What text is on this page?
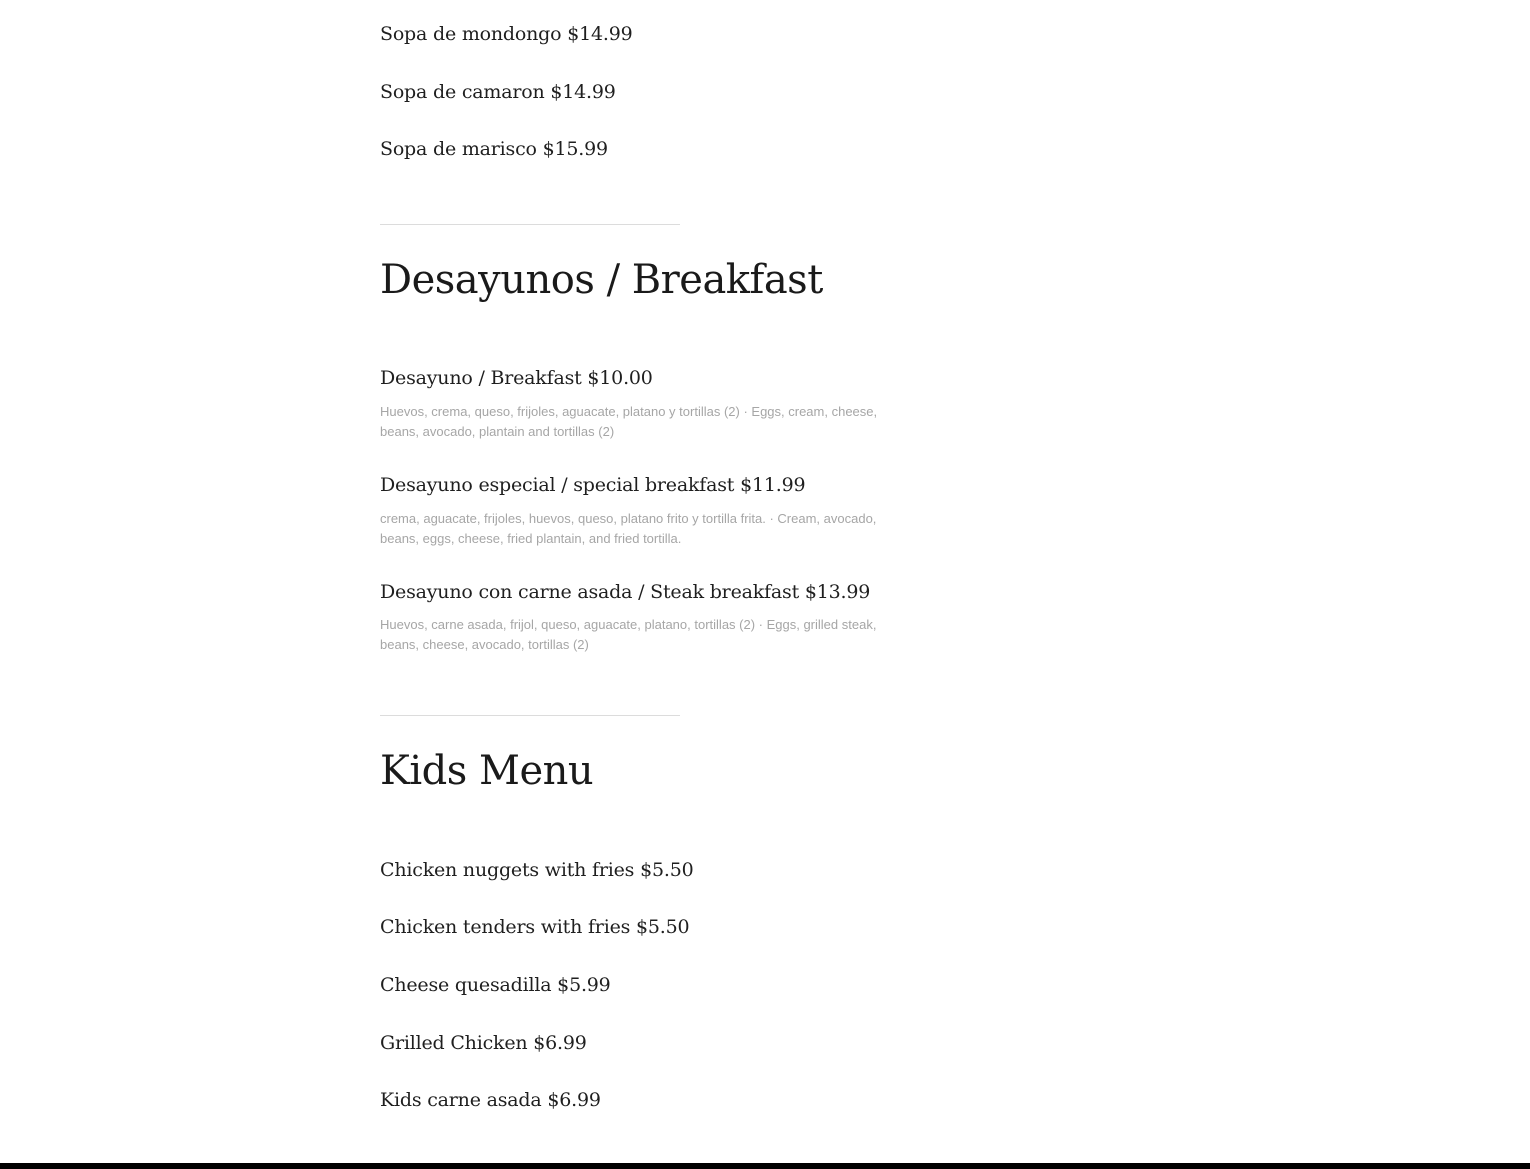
Sopa de mondongo $14.99

Sopa de camaron $14.99

Sopa de marisco $15.99

Desayunos / Breakfast

Desayuno / Breakfast $10.00

Huevos, crema, queso, frijoles, aguacate, platano y tortillas (2) · Eggs, cream, cheese, beans, avocado, plantain and tortillas (2)

Desayuno especial / special breakfast $11.99

crema, aguacate, frijoles, huevos, queso, platano frito y tortilla frita. · Cream, avocado, beans, eggs, cheese, fried plantain, and fried tortilla.

Desayuno con carne asada / Steak breakfast $13.99

Huevos, carne asada, frijol, queso, aguacate, platano, tortillas (2) · Eggs, grilled steak, beans, cheese, avocado, tortillas (2)

Kids Menu

Chicken nuggets with fries $5.50

Chicken tenders with fries $5.50

Cheese quesadilla $5.99

Grilled Chicken $6.99

Kids carne asada $6.99
